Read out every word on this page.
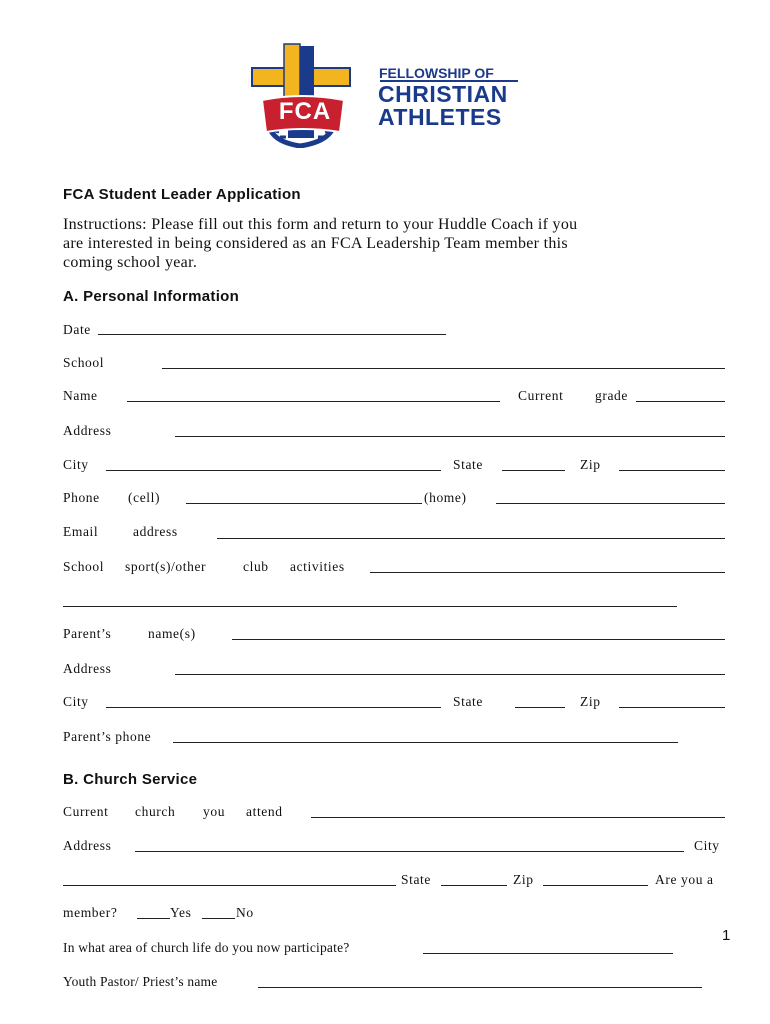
FCA
FELLOWSHIP OF
CHRISTIAN
ATHLETES
FCA Student Leader Application
Instructions: Please fill out this form and return to your Huddle Coach if you
are interested in being considered as an FCA Leadership Team member this
coming school year.
A. Personal Information
Date
School
Name	Current grade
Address
City	State	Zip
Phone (cell)	(home)
Email	address
School sport(s)/other	club activities
Parent’s	name(s)
Address
City	State	Zip
Parent’s phone
B. Church Service
Current church you attend
Address	City
State	Zip	Are you a
member?	Yes	No
In what area of church life do you now participate?
Youth Pastor/ Priest’s name
1
